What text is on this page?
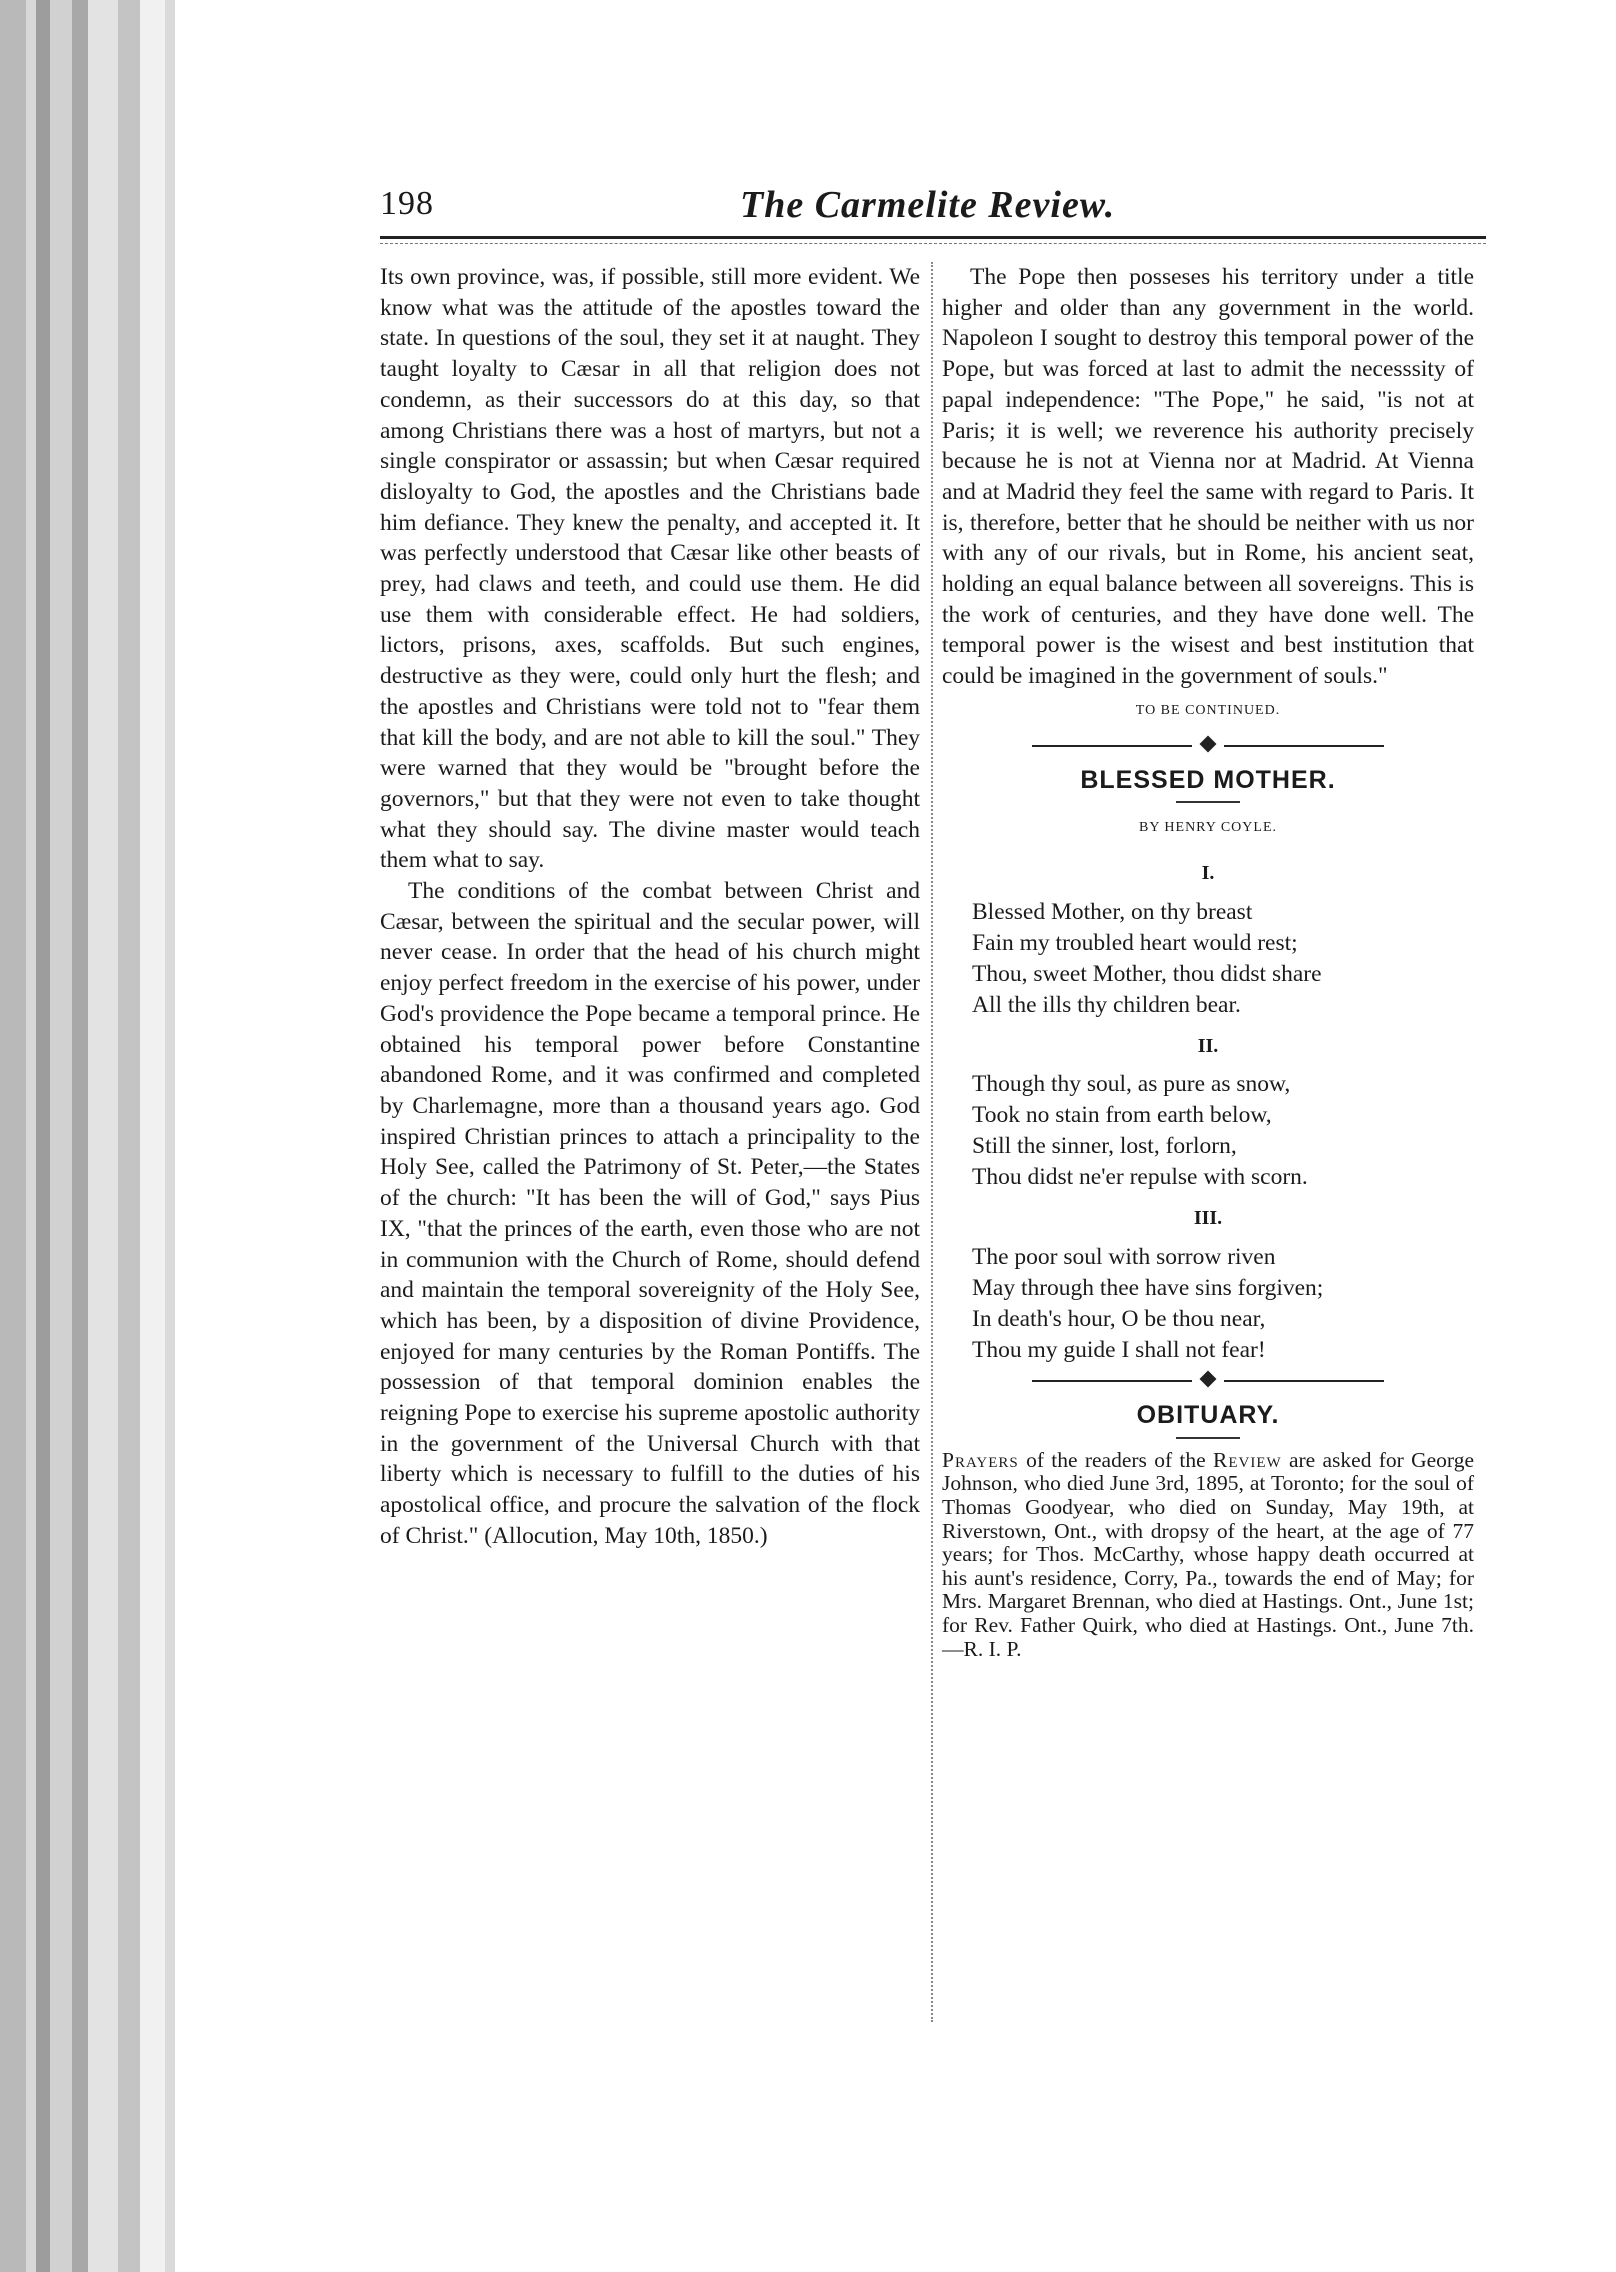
198	The Carmelite Review.

Its own province, was, if possible, still more evident. We know what was the attitude of the apostles toward the state. In questions of the soul, they set it at naught. They taught loyalty to Cæsar in all that religion does not condemn, as their successors do at this day, so that among Christians there was a host of martyrs, but not a single conspirator or assassin; but when Cæsar required disloyalty to God, the apostles and the Christians bade him defiance. They knew the penalty, and accepted it. It was perfectly understood that Cæsar like other beasts of prey, had claws and teeth, and could use them. He did use them with considerable effect. He had soldiers, lictors, prisons, axes, scaffolds. But such engines, destructive as they were, could only hurt the flesh; and the apostles and Christians were told not to "fear them that kill the body, and are not able to kill the soul." They were warned that they would be "brought before the governors," but that they were not even to take thought what they should say. The divine master would teach them what to say.

The conditions of the combat between Christ and Cæsar, between the spiritual and the secular power, will never cease. In order that the head of his church might enjoy perfect freedom in the exercise of his power, under God's providence the Pope became a temporal prince. He obtained his temporal power before Constantine abandoned Rome, and it was confirmed and completed by Charlemagne, more than a thousand years ago. God inspired Christian princes to attach a principality to the Holy See, called the Patrimony of St. Peter,—the States of the church: "It has been the will of God," says Pius IX, "that the princes of the earth, even those who are not in communion with the Church of Rome, should defend and maintain the temporal sovereignity of the Holy See, which has been, by a disposition of divine Providence, enjoyed for many centuries by the Roman Pontiffs. The possession of that temporal dominion enables the reigning Pope to exercise his supreme apostolic authority in the government of the Universal Church with that liberty which is necessary to fulfill to the duties of his apostolical office, and procure the salvation of the flock of Christ." (Allocution, May 10th, 1850.)

The Pope then posseses his territory under a title higher and older than any government in the world. Napoleon I sought to destroy this temporal power of the Pope, but was forced at last to admit the necesssity of papal independence: "The Pope," he said, "is not at Paris; it is well; we reverence his authority precisely because he is not at Vienna nor at Madrid. At Vienna and at Madrid they feel the same with regard to Paris. It is, therefore, better that he should be neither with us nor with any of our rivals, but in Rome, his ancient seat, holding an equal balance between all sovereigns. This is the work of centuries, and they have done well. The temporal power is the wisest and best institution that could be imagined in the government of souls."

TO BE CONTINUED.
BLESSED MOTHER.
BY HENRY COYLE.
I.
Blessed Mother, on thy breast
Fain my troubled heart would rest;
Thou, sweet Mother, thou didst share
All the ills thy children bear.
II.
Though thy soul, as pure as snow,
Took no stain from earth below,
Still the sinner, lost, forlorn,
Thou didst ne'er repulse with scorn.
III.
The poor soul with sorrow riven
May through thee have sins forgiven;
In death's hour, O be thou near,
Thou my guide I shall not fear!
OBITUARY.

Prayers of the readers of the Review are asked for George Johnson, who died June 3rd, 1895, at Toronto; for the soul of Thomas Goodyear, who died on Sunday, May 19th, at Riverstown, Ont., with dropsy of the heart, at the age of 77 years; for Thos. McCarthy, whose happy death occurred at his aunt's residence, Corry, Pa., towards the end of May; for Mrs. Margaret Brennan, who died at Hastings. Ont., June 1st; for Rev. Father Quirk, who died at Hastings. Ont., June 7th.—R. I. P.
